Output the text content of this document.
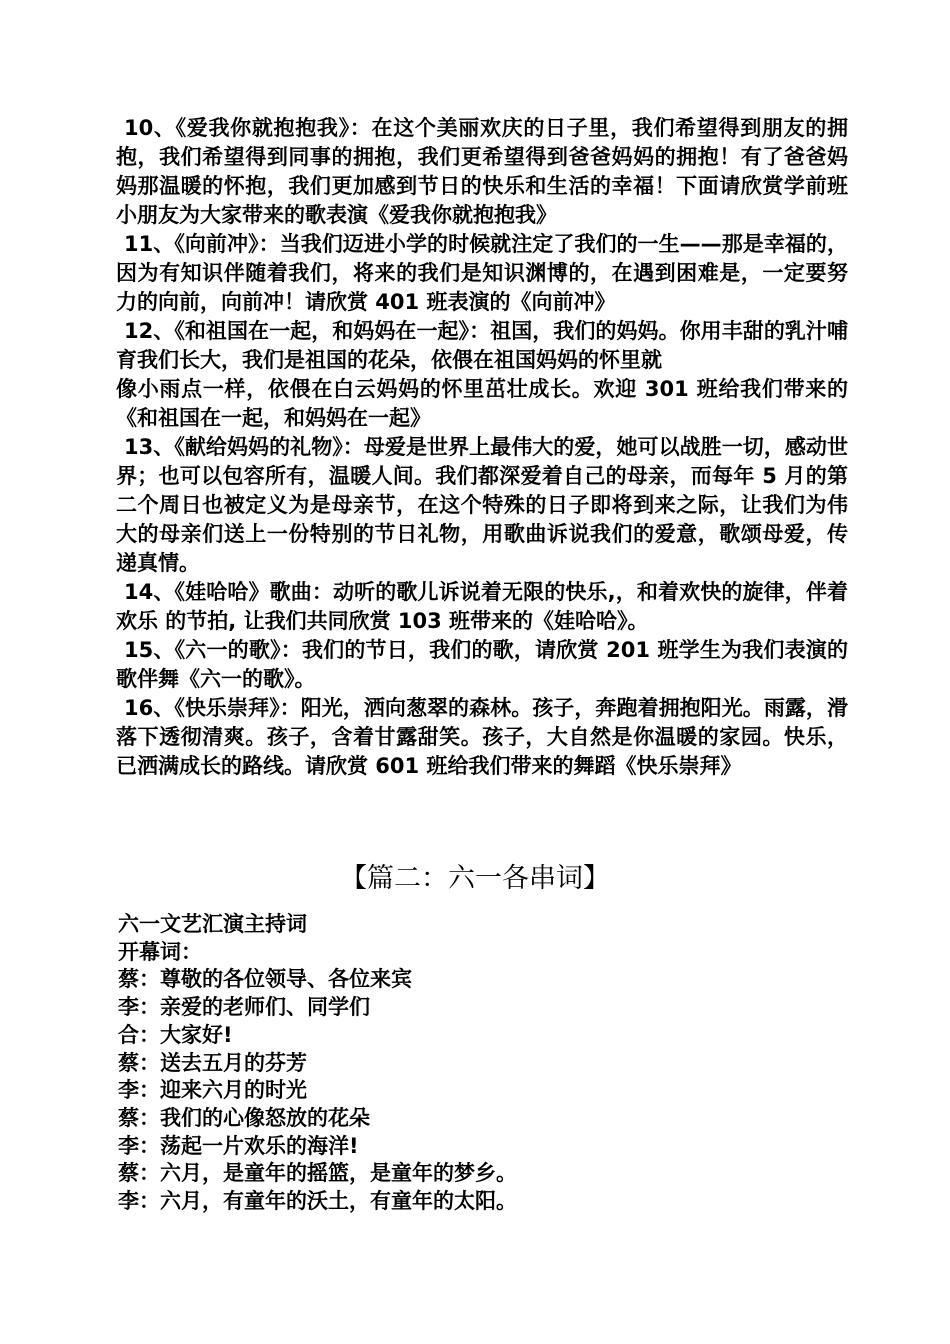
10、《爱我你就抱抱我》：在这个美丽欢庆的日子里，我们希望得到朋友的拥抱，我们希望得到同事的拥抱，我们更希望得到爸爸妈妈的拥抱！有了爸爸妈妈那温暖的怀抱，我们更加感到节日的快乐和生活的幸福！下面请欣赏学前班小朋友为大家带来的歌表演《爱我你就抱抱我》

11、《向前冲》：当我们迈进小学的时候就注定了我们的一生——那是幸福的，因为有知识伴随着我们，将来的我们是知识渊博的，在遇到困难是，一定要努力的向前，向前冲！请欣赏 401 班表演的《向前冲》

12、《和祖国在一起，和妈妈在一起》：祖国，我们的妈妈。你用丰甜的乳汁哺育我们长大，我们是祖国的花朵，依偎在祖国妈妈的怀里就

像小雨点一样，依偎在白云妈妈的怀里茁壮成长。欢迎 301 班给我们带来的《和祖国在一起，和妈妈在一起》

13、《献给妈妈的礼物》：母爱是世界上最伟大的爱，她可以战胜一切，感动世界；也可以包容所有，温暖人间。我们都深爱着自己的母亲，而每年 5 月的第二个周日也被定义为是母亲节，在这个特殊的日子即将到来之际，让我们为伟大的母亲们送上一份特别的节日礼物，用歌曲诉说我们的爱意，歌颂母爱，传递真情。

14、《娃哈哈》歌曲：动听的歌儿诉说着无限的快乐,，和着欢快的旋律，伴着欢乐 的节拍, 让我们共同欣赏 103 班带来的《娃哈哈》。

15、《六一的歌》：我们的节日，我们的歌，请欣赏 201 班学生为我们表演的歌伴舞《六一的歌》。

16、《快乐崇拜》：阳光，洒向葱翠的森林。孩子，奔跑着拥抱阳光。雨露，滑落下透彻清爽。孩子，含着甘露甜笑。孩子，大自然是你温暖的家园。快乐，已洒满成长的路线。请欣赏 601 班给我们带来的舞蹈《快乐崇拜》

【篇二：六一各串词】

六一文艺汇演主持词

开幕词：

蔡：尊敬的各位领导、各位来宾

李：亲爱的老师们、同学们

合：大家好!

蔡：送去五月的芬芳

李：迎来六月的时光

蔡：我们的心像怒放的花朵

李：荡起一片欢乐的海洋!

蔡：六月，是童年的摇篮，是童年的梦乡。

李：六月，有童年的沃土，有童年的太阳。
